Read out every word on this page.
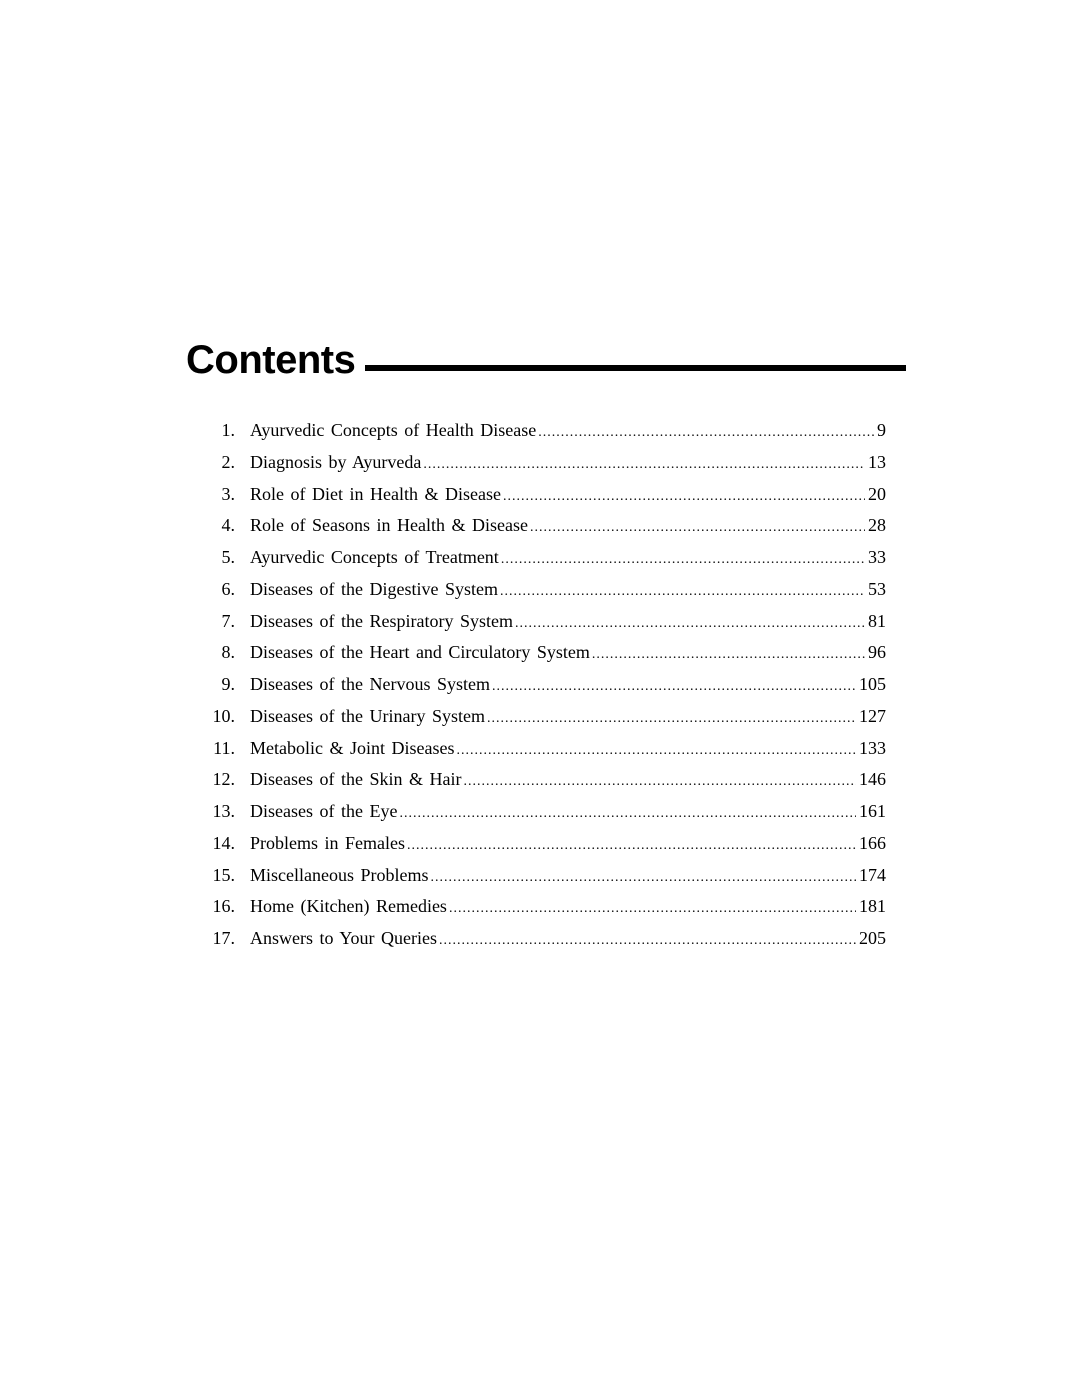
Contents
1. Ayurvedic Concepts of Health Disease .....	9
2. Diagnosis by Ayurveda .....	13
3. Role of Diet in Health & Disease .....	20
4. Role of Seasons in Health & Disease .....	28
5. Ayurvedic Concepts of Treatment .....	33
6. Diseases of the Digestive System .....	53
7. Diseases of the Respiratory System .....	81
8. Diseases of the Heart and Circulatory System .....	96
9. Diseases of the Nervous System .....	105
10. Diseases of the Urinary System .....	127
11. Metabolic & Joint Diseases .....	133
12. Diseases of the Skin & Hair .....	146
13. Diseases of the Eye .....	161
14. Problems in Females .....	166
15. Miscellaneous Problems .....	174
16. Home (Kitchen) Remedies .....	181
17. Answers to Your Queries .....	205
